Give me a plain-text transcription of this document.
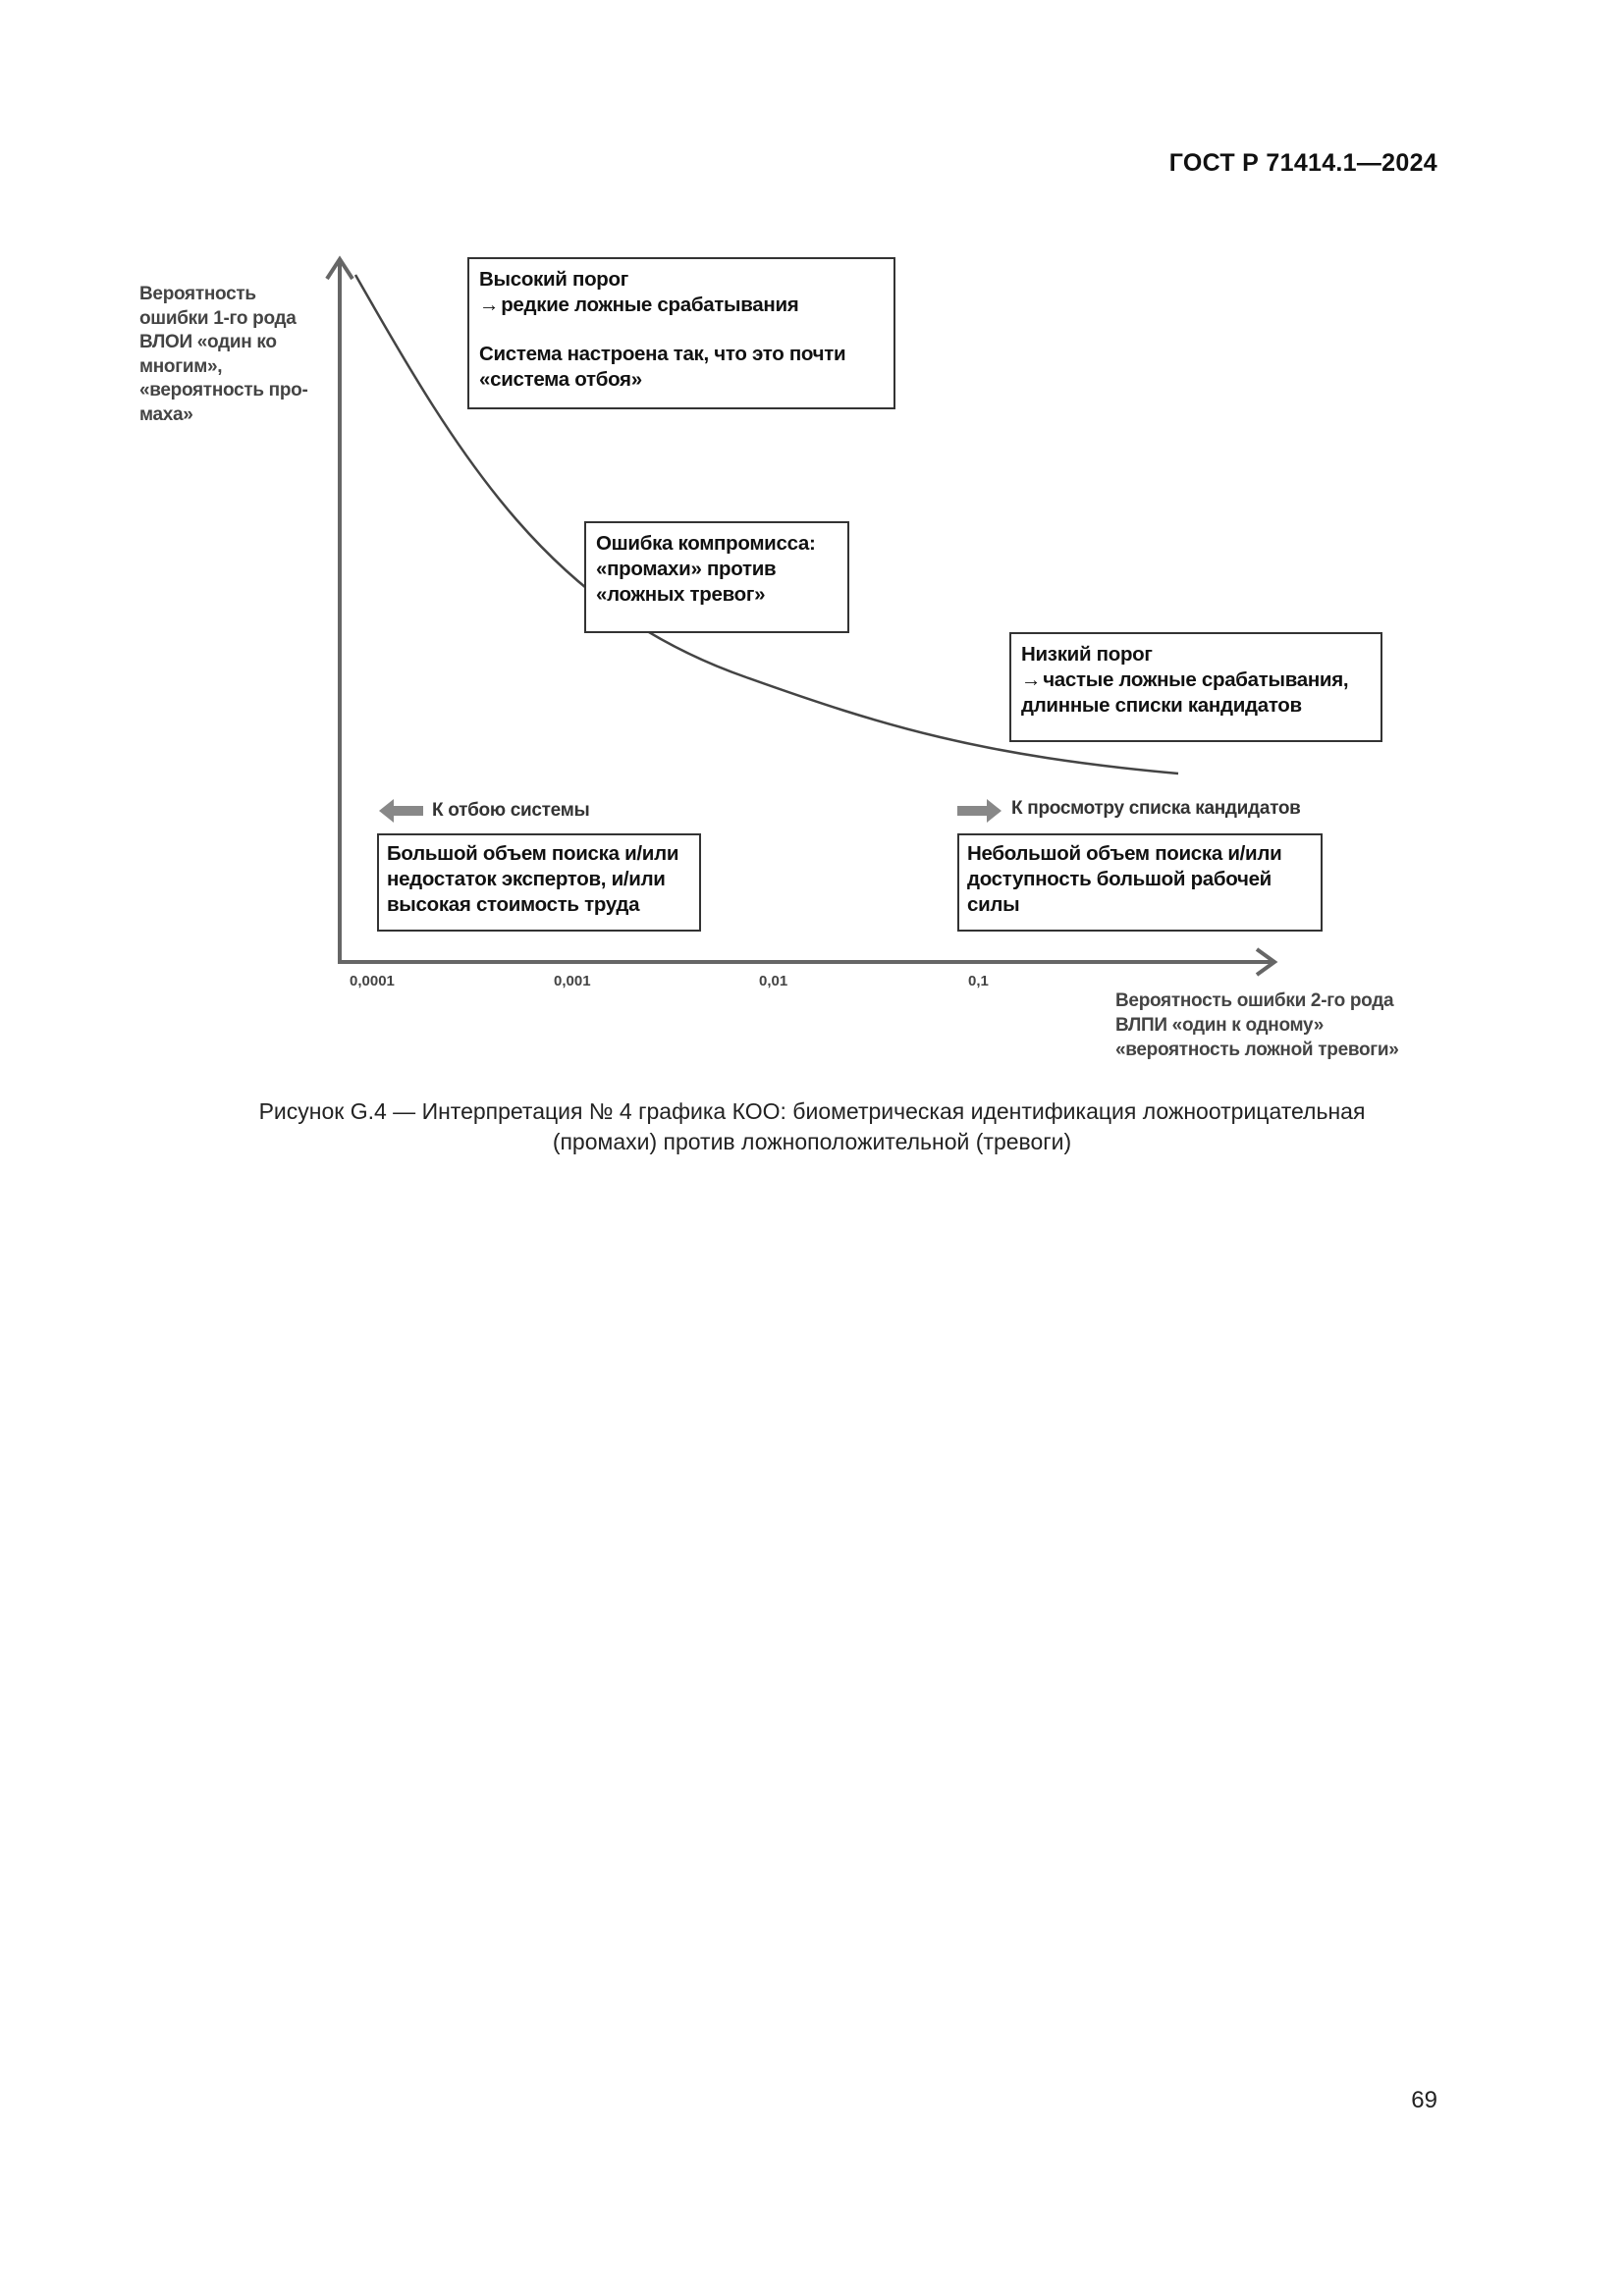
ГОСТ Р 71414.1—2024
Вероятность
ошибки 1-го рода
ВЛОИ «один ко
многим»,
«вероятность про-
маха»
0,0001	0,001	0,01	0,1
Вероятность ошибки 2-го рода
ВЛПИ «один к одному»
«вероятность ложной тревоги»
Высокий порог
→редкие ложные срабатывания
Система настроена так, что это почти
«система отбоя»
Ошибка компромисса:
«промахи» против
«ложных тревог»
Низкий порог
→частые ложные срабатывания,
длинные списки кандидатов
К отбою системы	К просмотру списка кандидатов
Большой объем поиска и/или
недостаток экспертов, и/или
высокая стоимость труда
Небольшой объем поиска и/или
доступность большой рабочей
силы
Рисунок G.4 — Интерпретация № 4 графика КОО: биометрическая идентификация ложноотрицательная
(промахи) против ложноположительной (тревоги)
69
